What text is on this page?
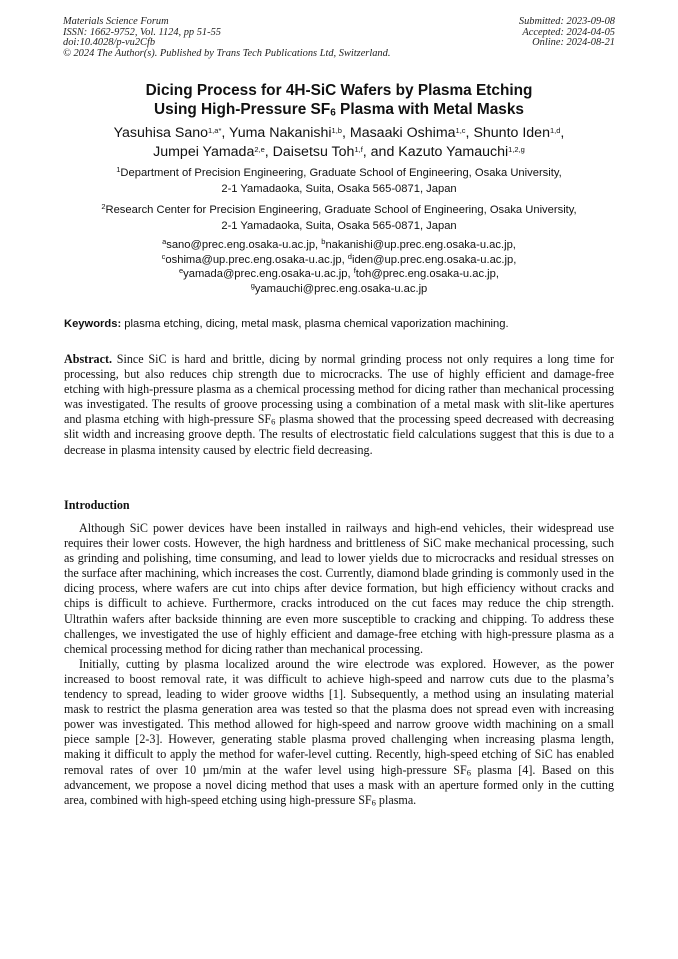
Materials Science Forum
ISSN: 1662-9752, Vol. 1124, pp 51-55
doi:10.4028/p-vu2Cfb
© 2024 The Author(s). Published by Trans Tech Publications Ltd, Switzerland.
Submitted: 2023-09-08
Accepted: 2024-04-05
Online: 2024-08-21
Dicing Process for 4H-SiC Wafers by Plasma Etching
Using High-Pressure $SF_6$ Plasma with Metal Masks
Yasuhisa Sano$^{1,a*}$, Yuma Nakanishi$^{1,b}$, Masaaki Oshima$^{1,c}$, Shunto Iden$^{1,d}$,
Jumpei Yamada$^{2,e}$, Daisetsu Toh$^{1,f}$, and Kazuto Yamauchi$^{1,2,g}$
$^1$Department of Precision Engineering, Graduate School of Engineering, Osaka University,
2-1 Yamadaoka, Suita, Osaka 565-0871, Japan
$^2$Research Center for Precision Engineering, Graduate School of Engineering, Osaka University,
2-1 Yamadaoka, Suita, Osaka 565-0871, Japan
$^a$sano@prec.eng.osaka-u.ac.jp, $^b$nakanishi@up.prec.eng.osaka-u.ac.jp,
$^c$oshima@up.prec.eng.osaka-u.ac.jp, $^d$iden@up.prec.eng.osaka-u.ac.jp,
$^e$yamada@prec.eng.osaka-u.ac.jp, $^f$toh@prec.eng.osaka-u.ac.jp,
$^g$yamauchi@prec.eng.osaka-u.ac.jp
Keywords: plasma etching, dicing, metal mask, plasma chemical vaporization machining.
Abstract. Since SiC is hard and brittle, dicing by normal grinding process not only requires a long time for processing, but also reduces chip strength due to microcracks. The use of highly efficient and damage-free etching with high-pressure plasma as a chemical processing method for dicing rather than mechanical processing was investigated. The results of groove processing using a combination of a metal mask with slit-like apertures and plasma etching with high-pressure $SF_6$ plasma showed that the processing speed decreased with decreasing slit width and increasing groove depth. The results of electrostatic field calculations suggest that this is due to a decrease in plasma intensity caused by electric field decreasing.
Introduction

Although SiC power devices have been installed in railways and high-end vehicles, their widespread use requires their lower costs. However, the high hardness and brittleness of SiC make mechanical processing, such as grinding and polishing, time consuming, and lead to lower yields due to microcracks and residual stresses on the surface after machining, which increases the cost. Currently, diamond blade grinding is commonly used in the dicing process, where wafers are cut into chips after device formation, but high efficiency without cracks and chips is difficult to achieve. Furthermore, cracks introduced on the cut faces may reduce the chip strength. Ultrathin wafers after backside thinning are even more susceptible to cracking and chipping. To address these challenges, we investigated the use of highly efficient and damage-free etching with high-pressure plasma as a chemical processing method for dicing rather than mechanical processing.

Initially, cutting by plasma localized around the wire electrode was explored. However, as the power increased to boost removal rate, it was difficult to achieve high-speed and narrow cuts due to the plasma’s tendency to spread, leading to wider groove widths [1]. Subsequently, a method using an insulating material mask to restrict the plasma generation area was tested so that the plasma does not spread even with increasing power was investigated. This method allowed for high-speed and narrow groove width machining on a small piece sample [2-3]. However, generating stable plasma proved challenging when increasing plasma length, making it difficult to apply the method for wafer-level cutting. Recently, high-speed etching of SiC has enabled removal rates of over 10 µm/min at the wafer level using high-pressure $SF_6$ plasma [4]. Based on this advancement, we propose a novel dicing method that uses a mask with an aperture formed only in the cutting area, combined with high-speed etching using high-pressure $SF_6$ plasma.
